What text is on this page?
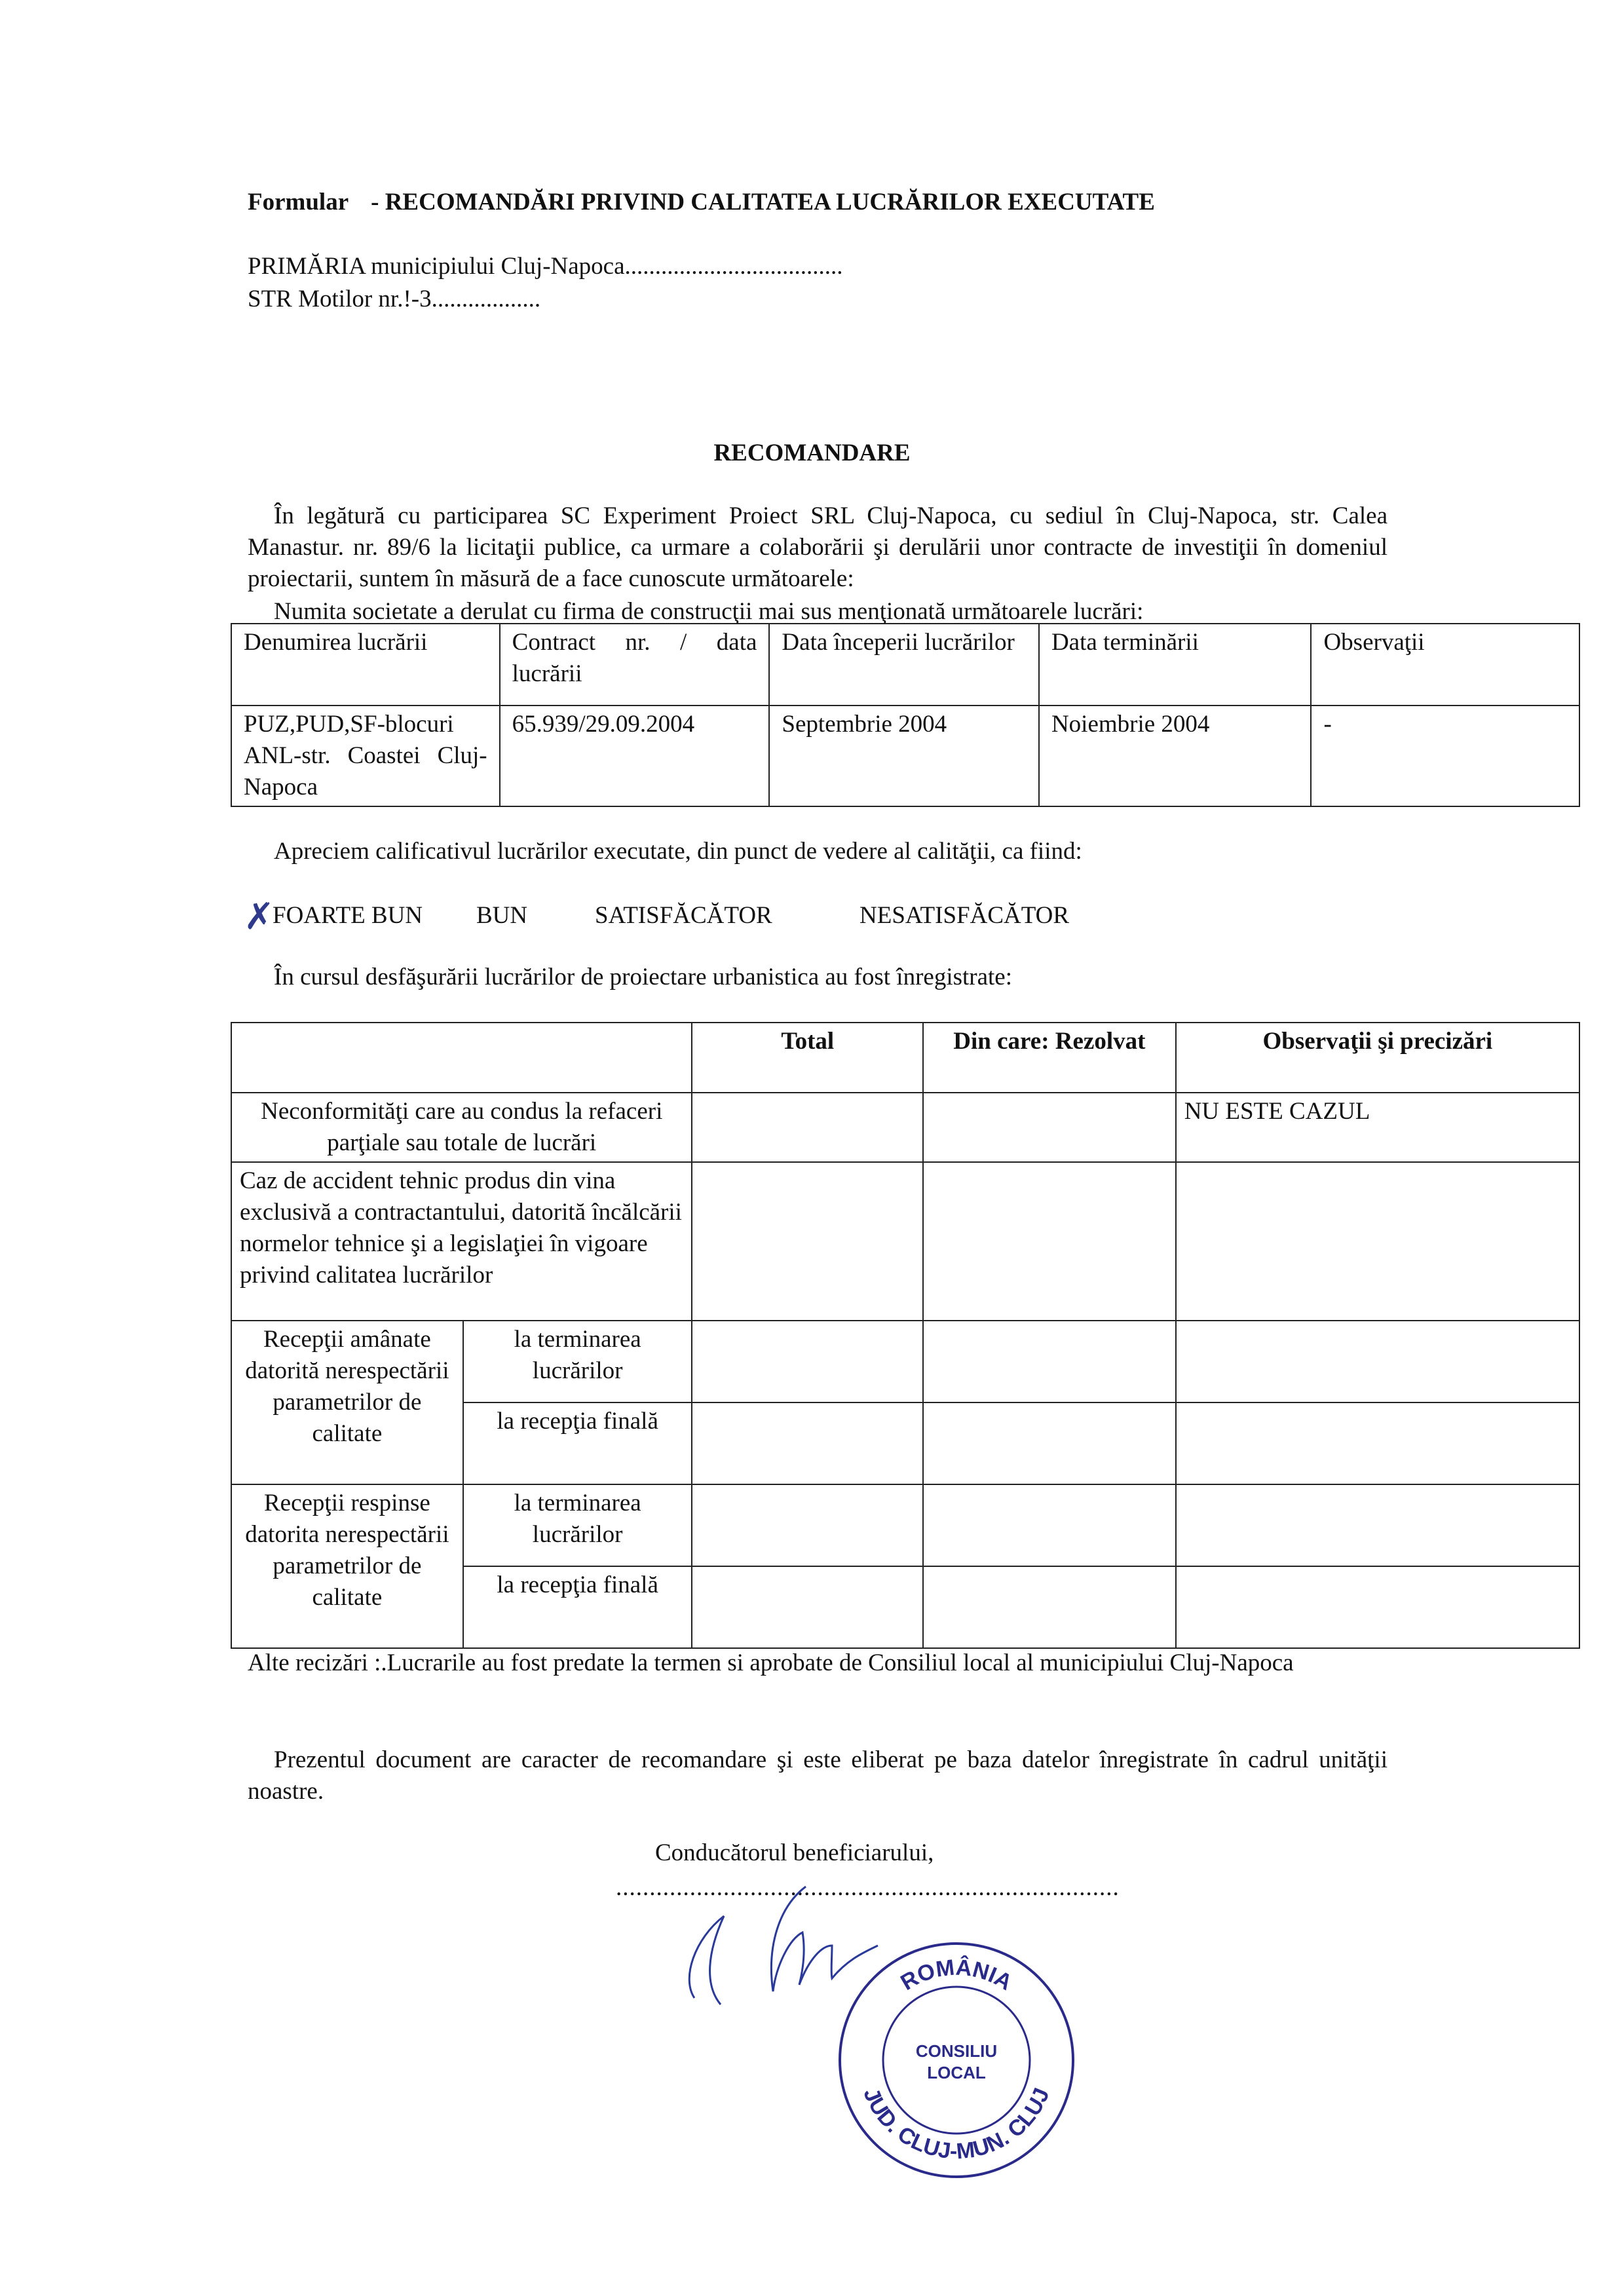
Formular - RECOMANDĂRI PRIVIND CALITATEA LUCRĂRILOR EXECUTATE
PRIMĂRIA municipiului Cluj-Napoca....................................
STR Motilor nr.!-3..................
RECOMANDARE
În legătură cu participarea SC Experiment Proiect SRL Cluj-Napoca, cu sediul în Cluj-Napoca, str. Calea Manastur. nr. 89/6 la licitaţii publice, ca urmare a colaborării şi derulării unor contracte de investiţii în domeniul proiectarii, suntem în măsură de a face cunoscute următoarele:
Numita societate a derulat cu firma de construcţii mai sus menţionată următoarele lucrări:
Denumirea lucrării	Contract nr. / data lucrării	Data începerii lucrărilor	Data terminării	Observaţii
PUZ,PUD,SF-blocuri ANL-str. Coastei Cluj-Napoca	65.939/29.09.2004	Septembrie 2004	Noiembrie 2004	-
Apreciem calificativul lucrărilor executate, din punct de vedere al calităţii, ca fiind:
✗
FOARTE BUN BUN	SATISFĂCĂTOR	NESATISFĂCĂTOR
În cursul desfăşurării lucrărilor de proiectare urbanistica au fost înregistrate:
		Total	Din care: Rezolvat	Observaţii şi precizări
Neconformităţi care au condus la refaceri parţiale sau totale de lucrări				NU ESTE CAZUL
Caz de accident tehnic produs din vina exclusivă a contractantului, datorită încălcării normelor tehnice şi a legislaţiei în vigoare privind calitatea lucrărilor				
Recepţii amânate datorită nerespectării parametrilor de calitate	la terminarea lucrărilor			
	la recepţia finală			
Recepţii respinse datorita nerespectării parametrilor de calitate	la terminarea lucrărilor			
	la recepţia finală			
Alte recizări :.Lucrarile au fost predate la termen si aprobate de Consiliul local al municipiului Cluj-Napoca
Prezentul document are caracter de recomandare şi este eliberat pe baza datelor înregistrate în cadrul unităţii noastre.
Conducătorul beneficiarului,
...........................................................................
ROMÂNIA
JUD. CLUJ-MUN. CLUJ
CONSILIU
LOCAL
